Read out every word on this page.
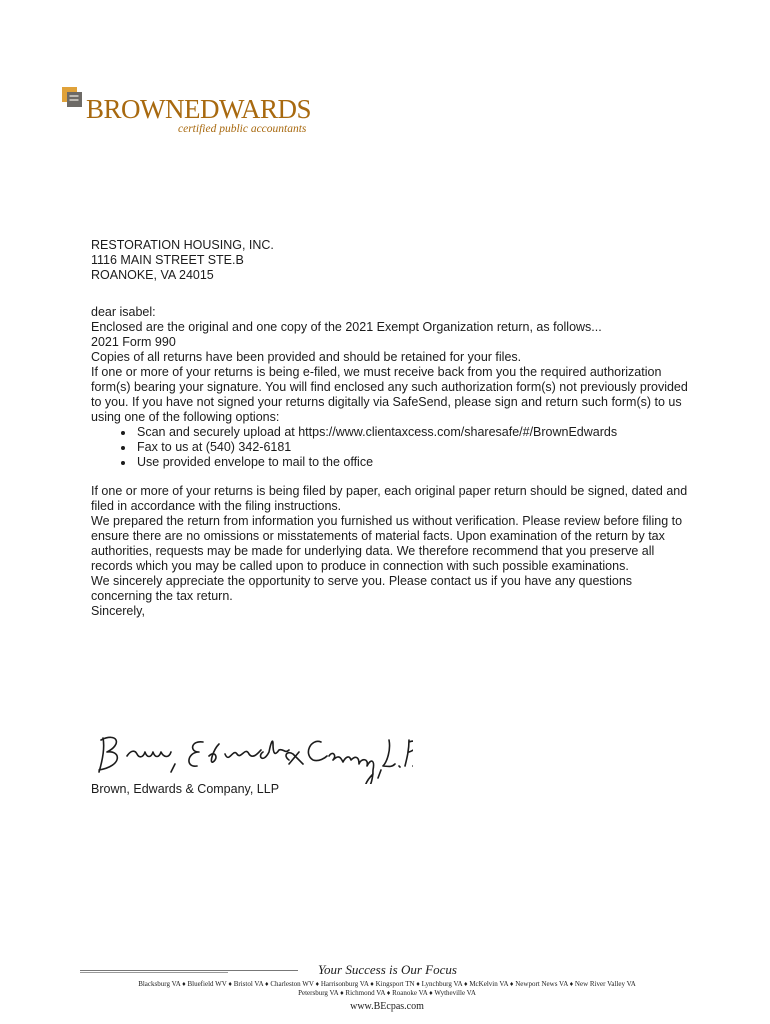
BROWNEDWARDS
certified public accountants

RESTORATION HOUSING, INC.

1116 MAIN STREET STE.B

ROANOKE, VA 24015

dear isabel:

Enclosed are the original and one copy of the 2021 Exempt Organization return, as follows...

2021 Form 990

Copies of all returns have been provided and should be retained for your files.

If one or more of your returns is being e-filed, we must receive back from you the required authorization form(s) bearing your signature. You will find enclosed any such authorization form(s) not previously provided to you. If you have not signed your returns digitally via SafeSend, please sign and return such form(s) to us using one of the following options:

• Scan and securely upload at https://www.clientaxcess.com/sharesafe/#/BrownEdwards
• Fax to us at (540) 342-6181
• Use provided envelope to mail to the office

If one or more of your returns is being filed by paper, each original paper return should be signed, dated and filed in accordance with the filing instructions.

We prepared the return from information you furnished us without verification. Please review before filing to ensure there are no omissions or misstatements of material facts. Upon examination of the return by tax authorities, requests may be made for underlying data. We therefore recommend that you preserve all records which you may be called upon to produce in connection with such possible examinations.

We sincerely appreciate the opportunity to serve you. Please contact us if you have any questions concerning the tax return.

Sincerely,

Brown, Edwards & Company, LLP
Your Success is Our Focus
Blacksburg VA ♦ Bluefield WV ♦ Bristol VA ♦ Charleston WV ♦ Harrisonburg VA ♦ Kingsport TN ♦ Lynchburg VA ♦ McKelvin VA ♦ Newport News VA ♦ New River Valley VA
Petersburg VA ♦ Richmond VA ♦ Roanoke VA ♦ Wytheville VA
www.BEcpas.com
